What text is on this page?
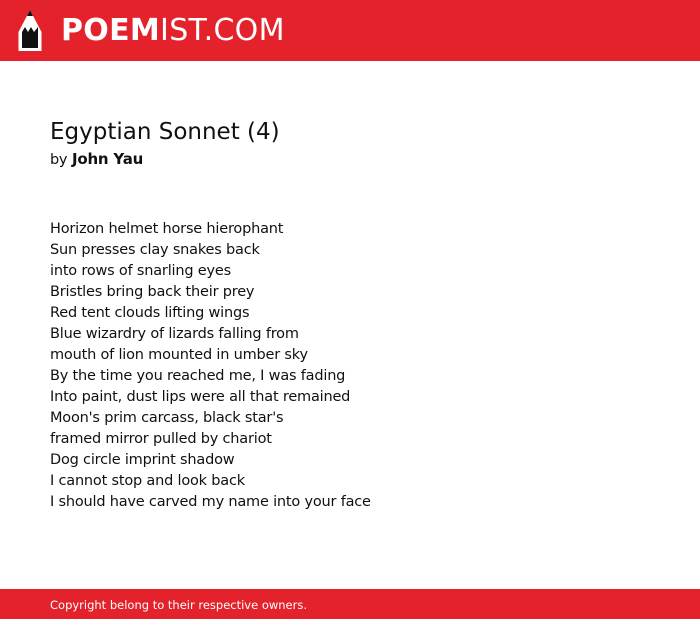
POEMIST.COM
Egyptian Sonnet (4)
by John Yau
Horizon helmet horse hierophant
Sun presses clay snakes back
into rows of snarling eyes
Bristles bring back their prey
Red tent clouds lifting wings
Blue wizardry of lizards falling from
mouth of lion mounted in umber sky
By the time you reached me, I was fading
Into paint, dust lips were all that remained
Moon's prim carcass, black star's
framed mirror pulled by chariot
Dog circle imprint shadow
I cannot stop and look back
I should have carved my name into your face
Copyright belong to their respective owners.
